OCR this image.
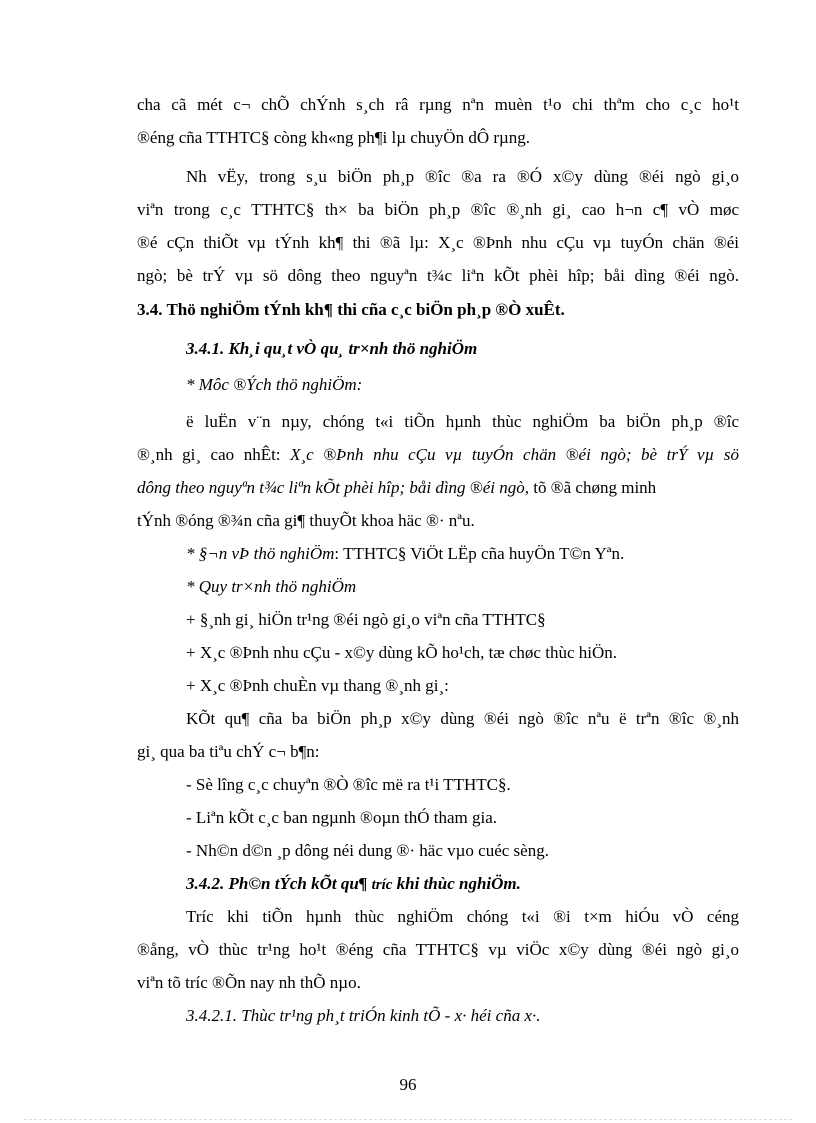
cha cã mét c¬ chÕ chÝnh s¸ch râ rµng nªn muèn t¹o chi thªm cho c¸c ho¹t
®éng cña TTHTC§ còng kh«ng ph¶i lµ chuyÖn dÔ rµng.
Nh vËy, trong s¸u biÖn ph¸p ®îc ®a ra ®Ó x©y dùng ®éi ngò gi¸o
viªn trong c¸c TTHTC§ th× ba biÖn ph¸p ®îc ®¸nh gi¸ cao h¬n c¶ vÒ møc
®é cÇn thiÕt vµ tÝnh kh¶ thi ®ã lµ: X¸c ®Þnh nhu cÇu vµ tuyÓn chän ®éi
ngò; bè trÝ vµ sö dông theo nguyªn t¾c liªn kÕt phèi hîp; båi dìng ®éi ngò.
3.4. Thö nghiÖm tÝnh kh¶ thi cña c¸c biÖn ph¸p ®Ò xuÊt.
3.4.1. Kh¸i qu¸t vÒ qu¸ tr×nh thö nghiÖm
* Môc ®Ých thö nghiÖm:
ë luËn v¨n nµy, chóng t«i tiÕn hµnh thùc nghiÖm ba biÖn ph¸p ®îc
®¸nh gi¸ cao nhÊt: X¸c ®Þnh nhu cÇu vµ tuyÓn chän ®éi ngò; bè trÝ vµ sö
dông theo nguyªn t¾c liªn kÕt phèi hîp; båi dìng ®éi ngò, tõ ®ã chøng minh
tÝnh ®óng ®¾n cña gi¶ thuyÕt khoa häc ®· nªu.
* §¬n vÞ thö nghiÖm: TTHTC§ ViÖt LËp cña huyÖn T©n Yªn.
* Quy tr×nh thö nghiÖm
+ §¸nh gi¸ hiÖn tr¹ng ®éi ngò gi¸o viªn cña TTHTC§
+ X¸c ®Þnh nhu cÇu - x©y dùng kÕ ho¹ch, tæ chøc thùc hiÖn.
+ X¸c ®Þnh chuÈn vµ thang ®¸nh gi¸:
KÕt qu¶ cña ba biÖn ph¸p x©y dùng ®éi ngò ®îc nªu ë trªn ®îc ®¸nh
gi¸ qua ba tiªu chÝ c¬ b¶n:
- Sè lîng c¸c chuyªn ®Ò ®îc më ra t¹i TTHTC§.
- Liªn kÕt c¸c ban ngµnh ®oµn thÓ tham gia.
- Nh©n d©n ¸p dông néi dung ®· häc vµo cuéc sèng.
3.4.2. Ph©n tÝch kÕt qu¶ tríc khi thùc nghiÖm.
Tríc khi tiÕn hµnh thùc nghiÖm chóng t«i ®i t×m hiÓu vÒ céng
®ång, vÒ thùc tr¹ng ho¹t ®éng cña TTHTC§ vµ viÖc x©y dùng ®éi ngò gi¸o
viªn tõ tríc ®Õn nay nh thÕ nµo.
3.4.2.1. Thùc tr¹ng ph¸t triÓn kinh tÕ - x· héi cña x·.
96
